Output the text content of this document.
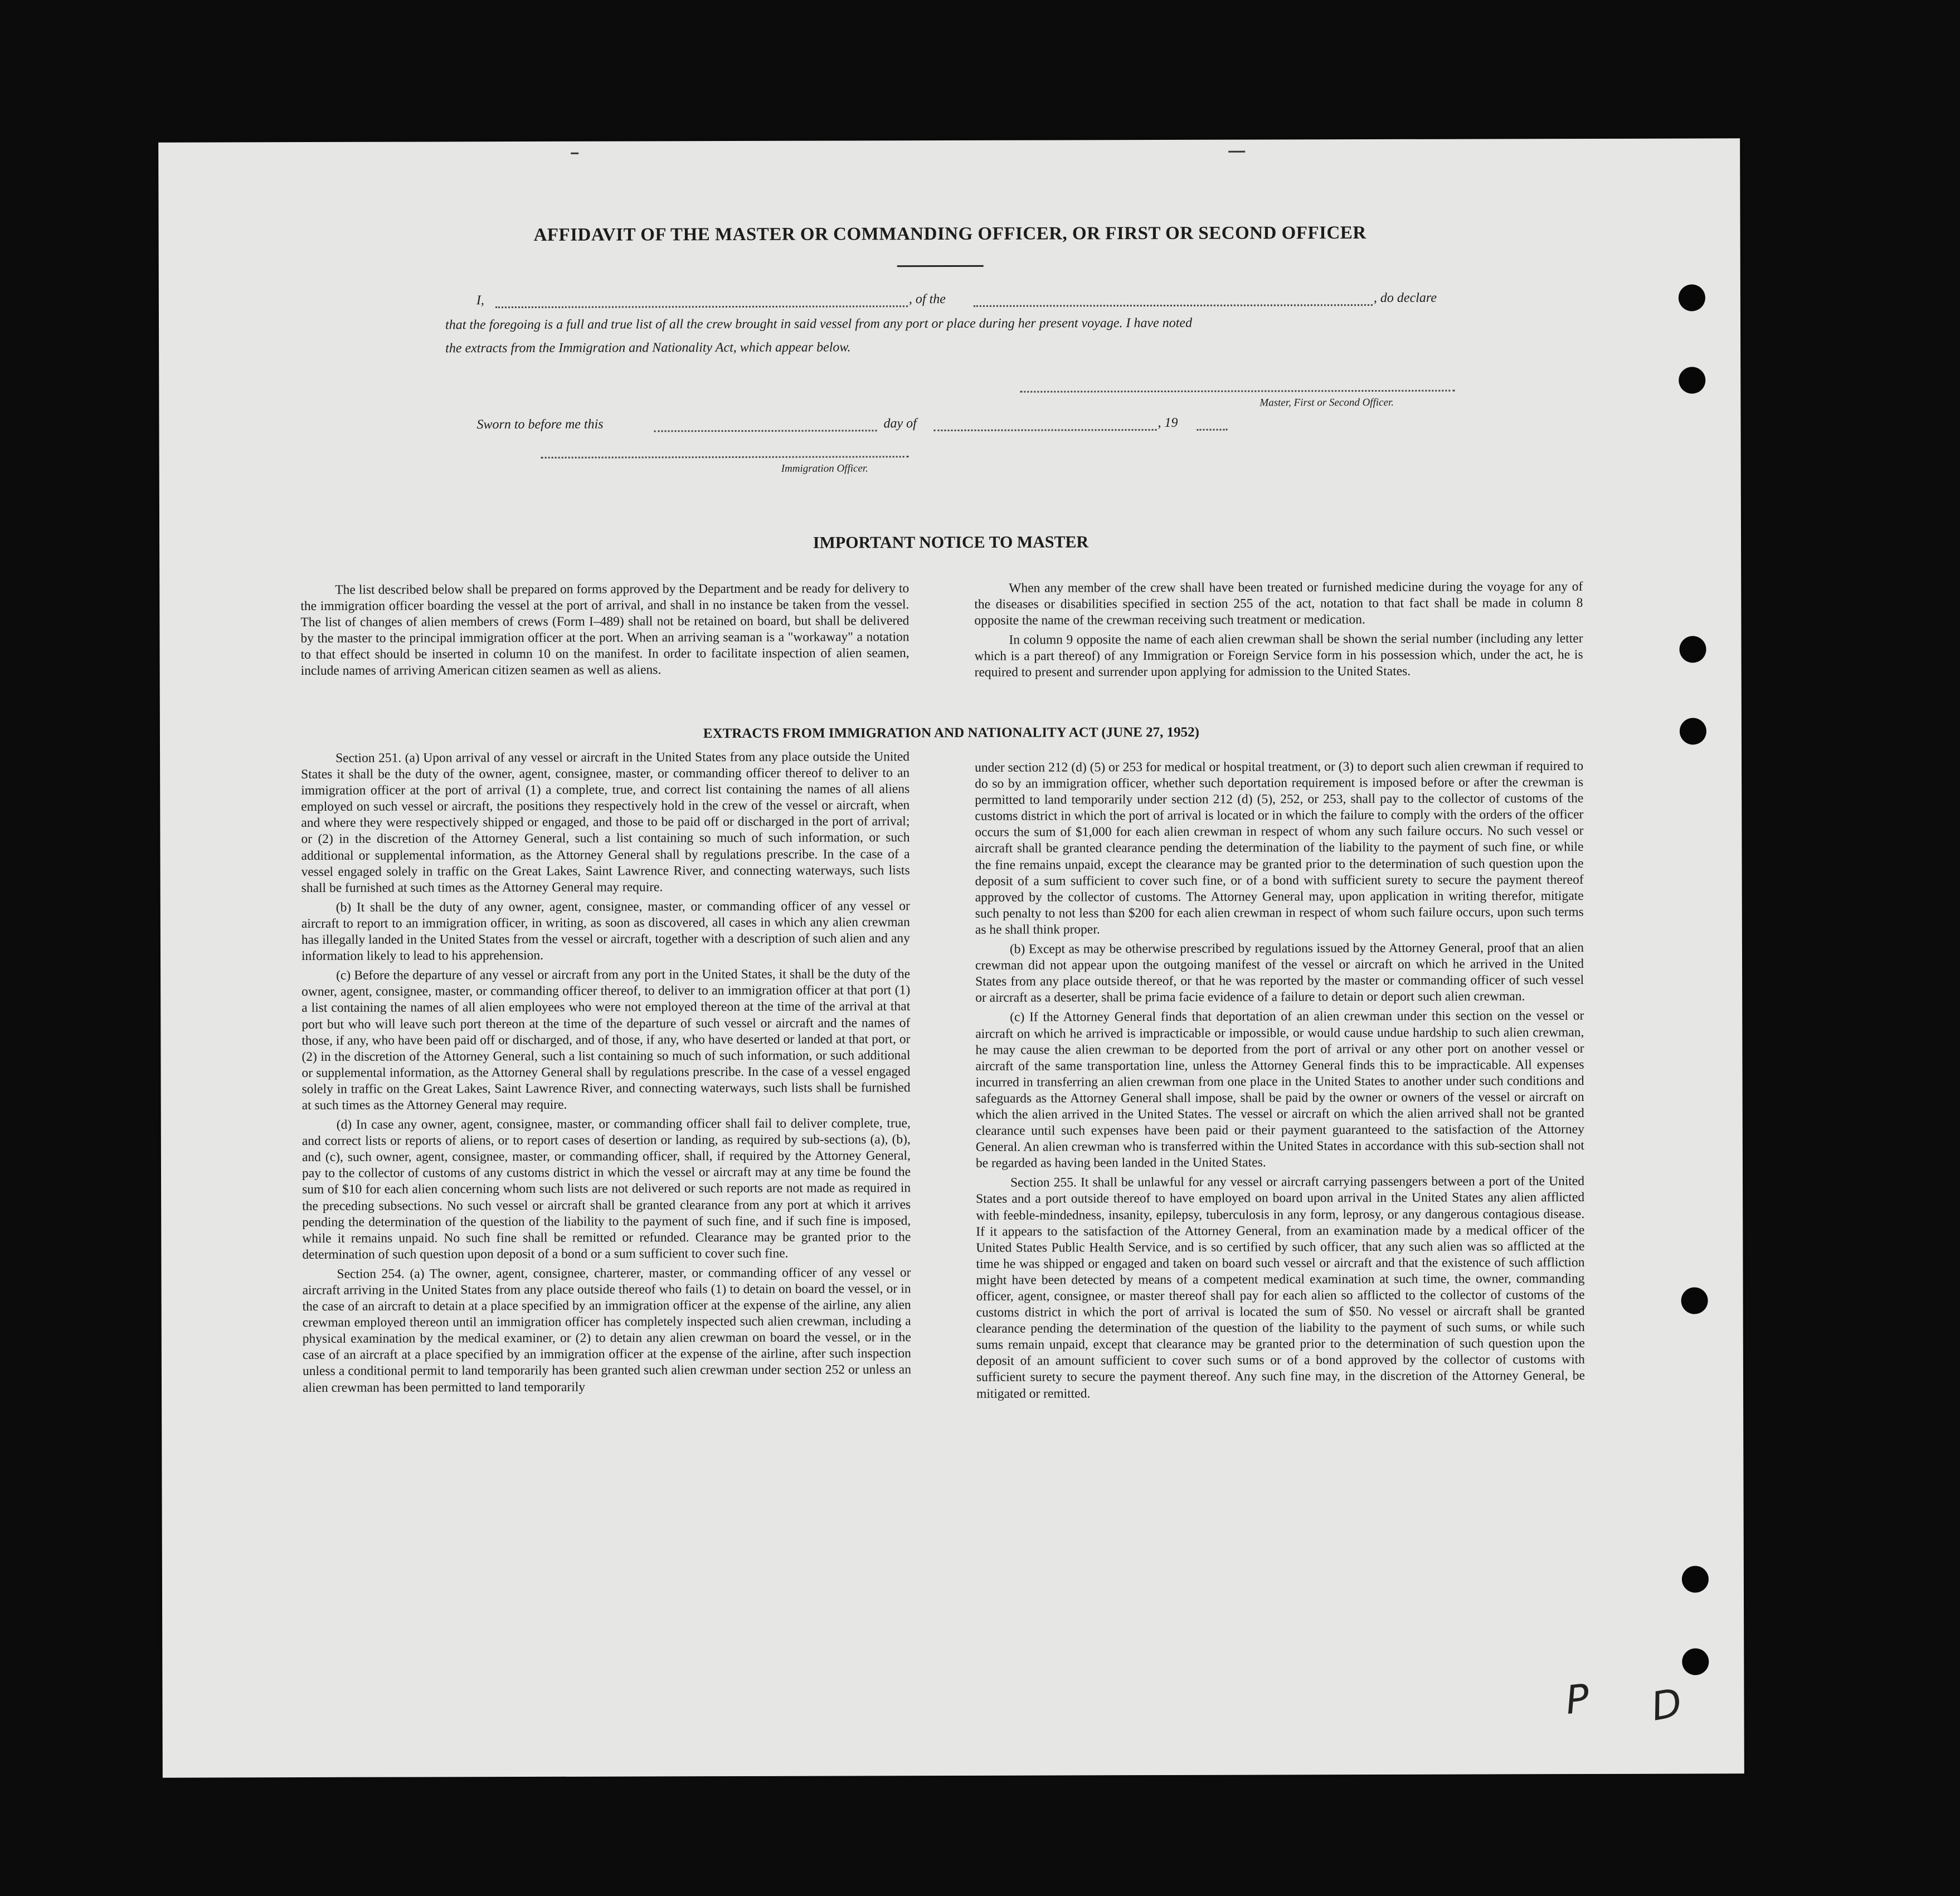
AFFIDAVIT OF THE MASTER OR COMMANDING OFFICER, OR FIRST OR SECOND OFFICER
I,	, of the	, do declare
that the foregoing is a full and true list of all the crew brought in said vessel from any port or place during her present voyage. I have noted
the extracts from the Immigration and Nationality Act, which appear below.
Master, First or Second Officer.
Sworn to before me this	day of	, 19
Immigration Officer.
IMPORTANT NOTICE TO MASTER

The list described below shall be prepared on forms approved by the Department and be ready for delivery to the immigration officer boarding the vessel at the port of arrival, and shall in no instance be taken from the vessel. The list of changes of alien members of crews (Form I–489) shall not be retained on board, but shall be delivered by the master to the principal immigration officer at the port. When an arriving seaman is a "workaway" a notation to that effect should be inserted in column 10 on the manifest. In order to facilitate inspection of alien seamen, include names of arriving American citizen seamen as well as aliens.

When any member of the crew shall have been treated or furnished medicine during the voyage for any of the diseases or disabilities specified in section 255 of the act, notation to that fact shall be made in column 8 opposite the name of the crewman receiving such treatment or medication.

In column 9 opposite the name of each alien crewman shall be shown the serial number (including any letter which is a part thereof) of any Immigration or Foreign Service form in his possession which, under the act, he is required to present and surrender upon applying for admission to the United States.

EXTRACTS FROM IMMIGRATION AND NATIONALITY ACT (JUNE 27, 1952)

Section 251. (a) Upon arrival of any vessel or aircraft in the United States from any place outside the United States it shall be the duty of the owner, agent, consignee, master, or commanding officer thereof to deliver to an immigration officer at the port of arrival (1) a complete, true, and correct list containing the names of all aliens employed on such vessel or aircraft, the positions they respectively hold in the crew of the vessel or aircraft, when and where they were respectively shipped or engaged, and those to be paid off or discharged in the port of arrival; or (2) in the discretion of the Attorney General, such a list containing so much of such information, or such additional or supplemental information, as the Attorney General shall by regulations prescribe. In the case of a vessel engaged solely in traffic on the Great Lakes, Saint Lawrence River, and connecting waterways, such lists shall be furnished at such times as the Attorney General may require.

(b) It shall be the duty of any owner, agent, consignee, master, or commanding officer of any vessel or aircraft to report to an immigration officer, in writing, as soon as discovered, all cases in which any alien crewman has illegally landed in the United States from the vessel or aircraft, together with a description of such alien and any information likely to lead to his apprehension.

(c) Before the departure of any vessel or aircraft from any port in the United States, it shall be the duty of the owner, agent, consignee, master, or commanding officer thereof, to deliver to an immigration officer at that port (1) a list containing the names of all alien employees who were not employed thereon at the time of the arrival at that port but who will leave such port thereon at the time of the departure of such vessel or aircraft and the names of those, if any, who have been paid off or discharged, and of those, if any, who have deserted or landed at that port, or (2) in the discretion of the Attorney General, such a list containing so much of such information, or such additional or supplemental information, as the Attorney General shall by regulations prescribe. In the case of a vessel engaged solely in traffic on the Great Lakes, Saint Lawrence River, and connecting waterways, such lists shall be furnished at such times as the Attorney General may require.

(d) In case any owner, agent, consignee, master, or commanding officer shall fail to deliver complete, true, and correct lists or reports of aliens, or to report cases of desertion or landing, as required by sub-sections (a), (b), and (c), such owner, agent, consignee, master, or commanding officer, shall, if required by the Attorney General, pay to the collector of customs of any customs district in which the vessel or aircraft may at any time be found the sum of $10 for each alien concerning whom such lists are not delivered or such reports are not made as required in the preceding subsections. No such vessel or aircraft shall be granted clearance from any port at which it arrives pending the determination of the question of the liability to the payment of such fine, and if such fine is imposed, while it remains unpaid. No such fine shall be remitted or refunded. Clearance may be granted prior to the determination of such question upon deposit of a bond or a sum sufficient to cover such fine.

Section 254. (a) The owner, agent, consignee, charterer, master, or commanding officer of any vessel or aircraft arriving in the United States from any place outside thereof who fails (1) to detain on board the vessel, or in the case of an aircraft to detain at a place specified by an immigration officer at the expense of the airline, any alien crewman employed thereon until an immigration officer has completely inspected such alien crewman, including a physical examination by the medical examiner, or (2) to detain any alien crewman on board the vessel, or in the case of an aircraft at a place specified by an immigration officer at the expense of the airline, after such inspection unless a conditional permit to land temporarily has been granted such alien crewman under section 252 or unless an alien crewman has been permitted to land temporarily

under section 212 (d) (5) or 253 for medical or hospital treatment, or (3) to deport such alien crewman if required to do so by an immigration officer, whether such deportation requirement is imposed before or after the crewman is permitted to land temporarily under section 212 (d) (5), 252, or 253, shall pay to the collector of customs of the customs district in which the port of arrival is located or in which the failure to comply with the orders of the officer occurs the sum of $1,000 for each alien crewman in respect of whom any such failure occurs. No such vessel or aircraft shall be granted clearance pending the determination of the liability to the payment of such fine, or while the fine remains unpaid, except the clearance may be granted prior to the determination of such question upon the deposit of a sum sufficient to cover such fine, or of a bond with sufficient surety to secure the payment thereof approved by the collector of customs. The Attorney General may, upon application in writing therefor, mitigate such penalty to not less than $200 for each alien crewman in respect of whom such failure occurs, upon such terms as he shall think proper.

(b) Except as may be otherwise prescribed by regulations issued by the Attorney General, proof that an alien crewman did not appear upon the outgoing manifest of the vessel or aircraft on which he arrived in the United States from any place outside thereof, or that he was reported by the master or commanding officer of such vessel or aircraft as a deserter, shall be prima facie evidence of a failure to detain or deport such alien crewman.

(c) If the Attorney General finds that deportation of an alien crewman under this section on the vessel or aircraft on which he arrived is impracticable or impossible, or would cause undue hardship to such alien crewman, he may cause the alien crewman to be deported from the port of arrival or any other port on another vessel or aircraft of the same transportation line, unless the Attorney General finds this to be impracticable. All expenses incurred in transferring an alien crewman from one place in the United States to another under such conditions and safeguards as the Attorney General shall impose, shall be paid by the owner or owners of the vessel or aircraft on which the alien arrived in the United States. The vessel or aircraft on which the alien arrived shall not be granted clearance until such expenses have been paid or their payment guaranteed to the satisfaction of the Attorney General. An alien crewman who is transferred within the United States in accordance with this sub-section shall not be regarded as having been landed in the United States.

Section 255. It shall be unlawful for any vessel or aircraft carrying passengers between a port of the United States and a port outside thereof to have employed on board upon arrival in the United States any alien afflicted with feeble-mindedness, insanity, epilepsy, tuberculosis in any form, leprosy, or any dangerous contagious disease. If it appears to the satisfaction of the Attorney General, from an examination made by a medical officer of the United States Public Health Service, and is so certified by such officer, that any such alien was so afflicted at the time he was shipped or engaged and taken on board such vessel or aircraft and that the existence of such affliction might have been detected by means of a competent medical examination at such time, the owner, commanding officer, agent, consignee, or master thereof shall pay for each alien so afflicted to the collector of customs of the customs district in which the port of arrival is located the sum of $50. No vessel or aircraft shall be granted clearance pending the determination of the question of the liability to the payment of such sums, or while such sums remain unpaid, except that clearance may be granted prior to the determination of such question upon the deposit of an amount sufficient to cover such sums or of a bond approved by the collector of customs with sufficient surety to secure the payment thereof. Any such fine may, in the discretion of the Attorney General, be mitigated or remitted.

P D
